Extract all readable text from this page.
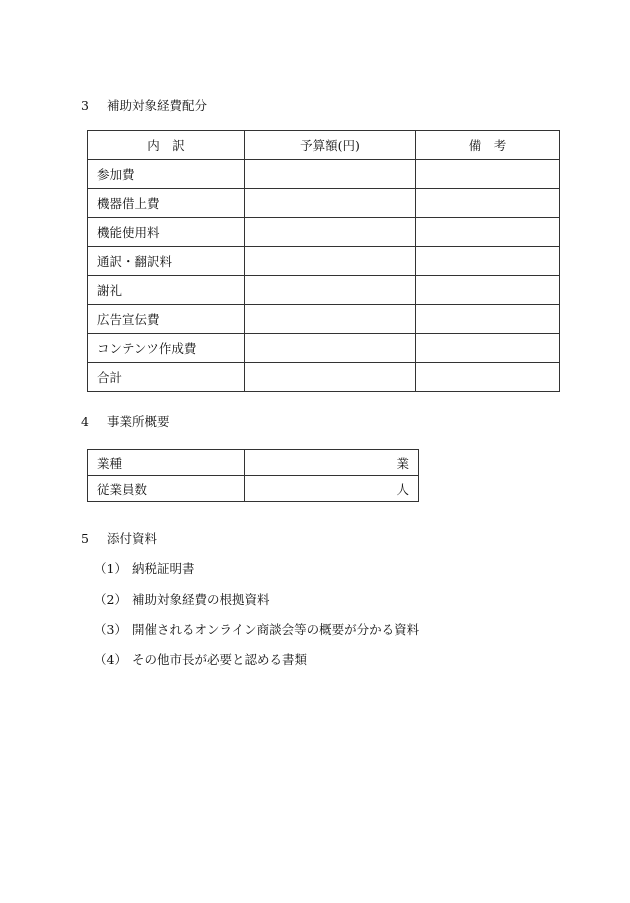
3 補助対象経費配分
内　訳	予算額(円)	備　考
参加費		
機器借上費		
機能使用料		
通訳・翻訳料		
謝礼		
広告宣伝費		
コンテンツ作成費		
合計		
4 事業所概要
業種	業
従業員数	人
5 添付資料
（1） 納税証明書
（2） 補助対象経費の根拠資料
（3） 開催されるオンライン商談会等の概要が分かる資料
（4） その他市長が必要と認める書類
